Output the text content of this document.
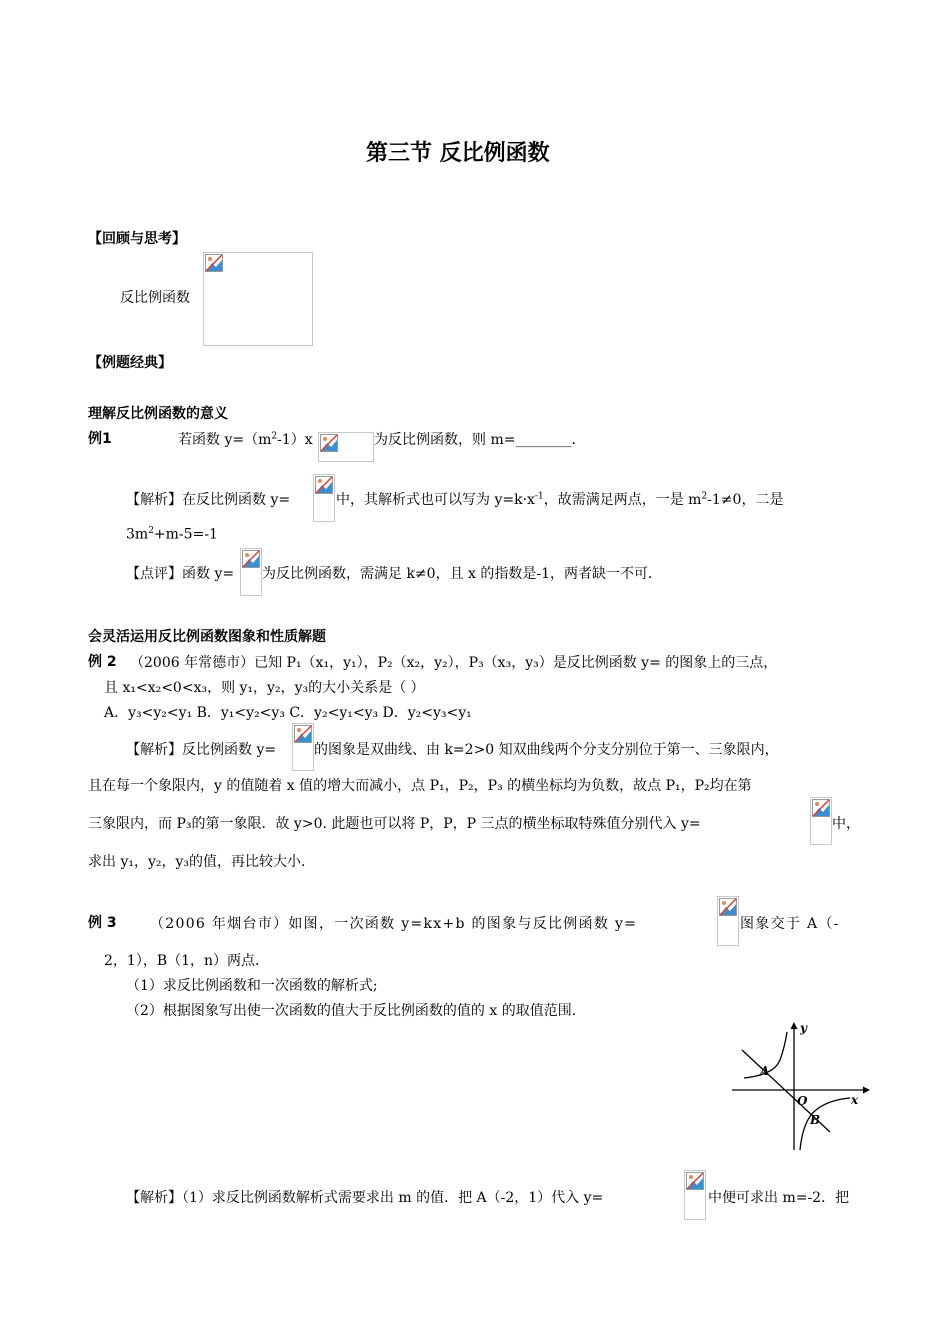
第三节 反比例函数
【回顾与思考】
反比例函数
【例题经典】
理解反比例函数的意义
例1	若函数 $y=(m^2-1)x$	为反比例函数，则 m=________．
【解析】在反比例函数 y=	中，其解析式也可以写为 $y=k\cdot x^{-1}$，故需满足两点，一是 $m^2-1\ne 0$，二是
$3m^2+m-5=-1$
【点评】函数 y= 为反比例函数，需满足 k≠0，且 x 的指数是-1，两者缺一不可．
会灵活运用反比例函数图象和性质解题
例 2 （2006 年常德市）已知 P₁（x₁，y₁），P₂（x₂，y₂），P₃（x₃，y₃）是反比例函数 y= 的图象上的三点，
且 x₁<x₂<0<x₃，则 y₁，y₂，y₃的大小关系是（ ）
A．y₃<y₂<y₁ B．y₁<y₂<y₃ C．y₂<y₁<y₃ D．y₂<y₃<y₁
【解析】反比例函数 y=	的图象是双曲线、由 k=2>0 知双曲线两个分支分别位于第一、三象限内，
且在每一个象限内，y 的值随着 x 值的增大而减小，点 P₁，P₂，P₃ 的横坐标均为负数，故点 P₁，P₂均在第
三象限内，而 P₃的第一象限．故 y>0. 此题也可以将 P，P，P 三点的横坐标取特殊值分别代入 y=	中，
求出 y₁，y₂，y₃的值，再比较大小．
例 3 （2006 年烟台市）如图，一次函数 y=kx+b 的图象与反比例函数 y=	图象交于 A（-
2，1），B（1，n）两点．
（1）求反比例函数和一次函数的解析式;
（2）根据图象写出使一次函数的值大于反比例函数的值的 x 的取值范围．
y
x
O
A
B
【解析】（1）求反比例函数解析式需要求出 m 的值．把 A（-2，1）代入 y=	中便可求出 m=-2．把
